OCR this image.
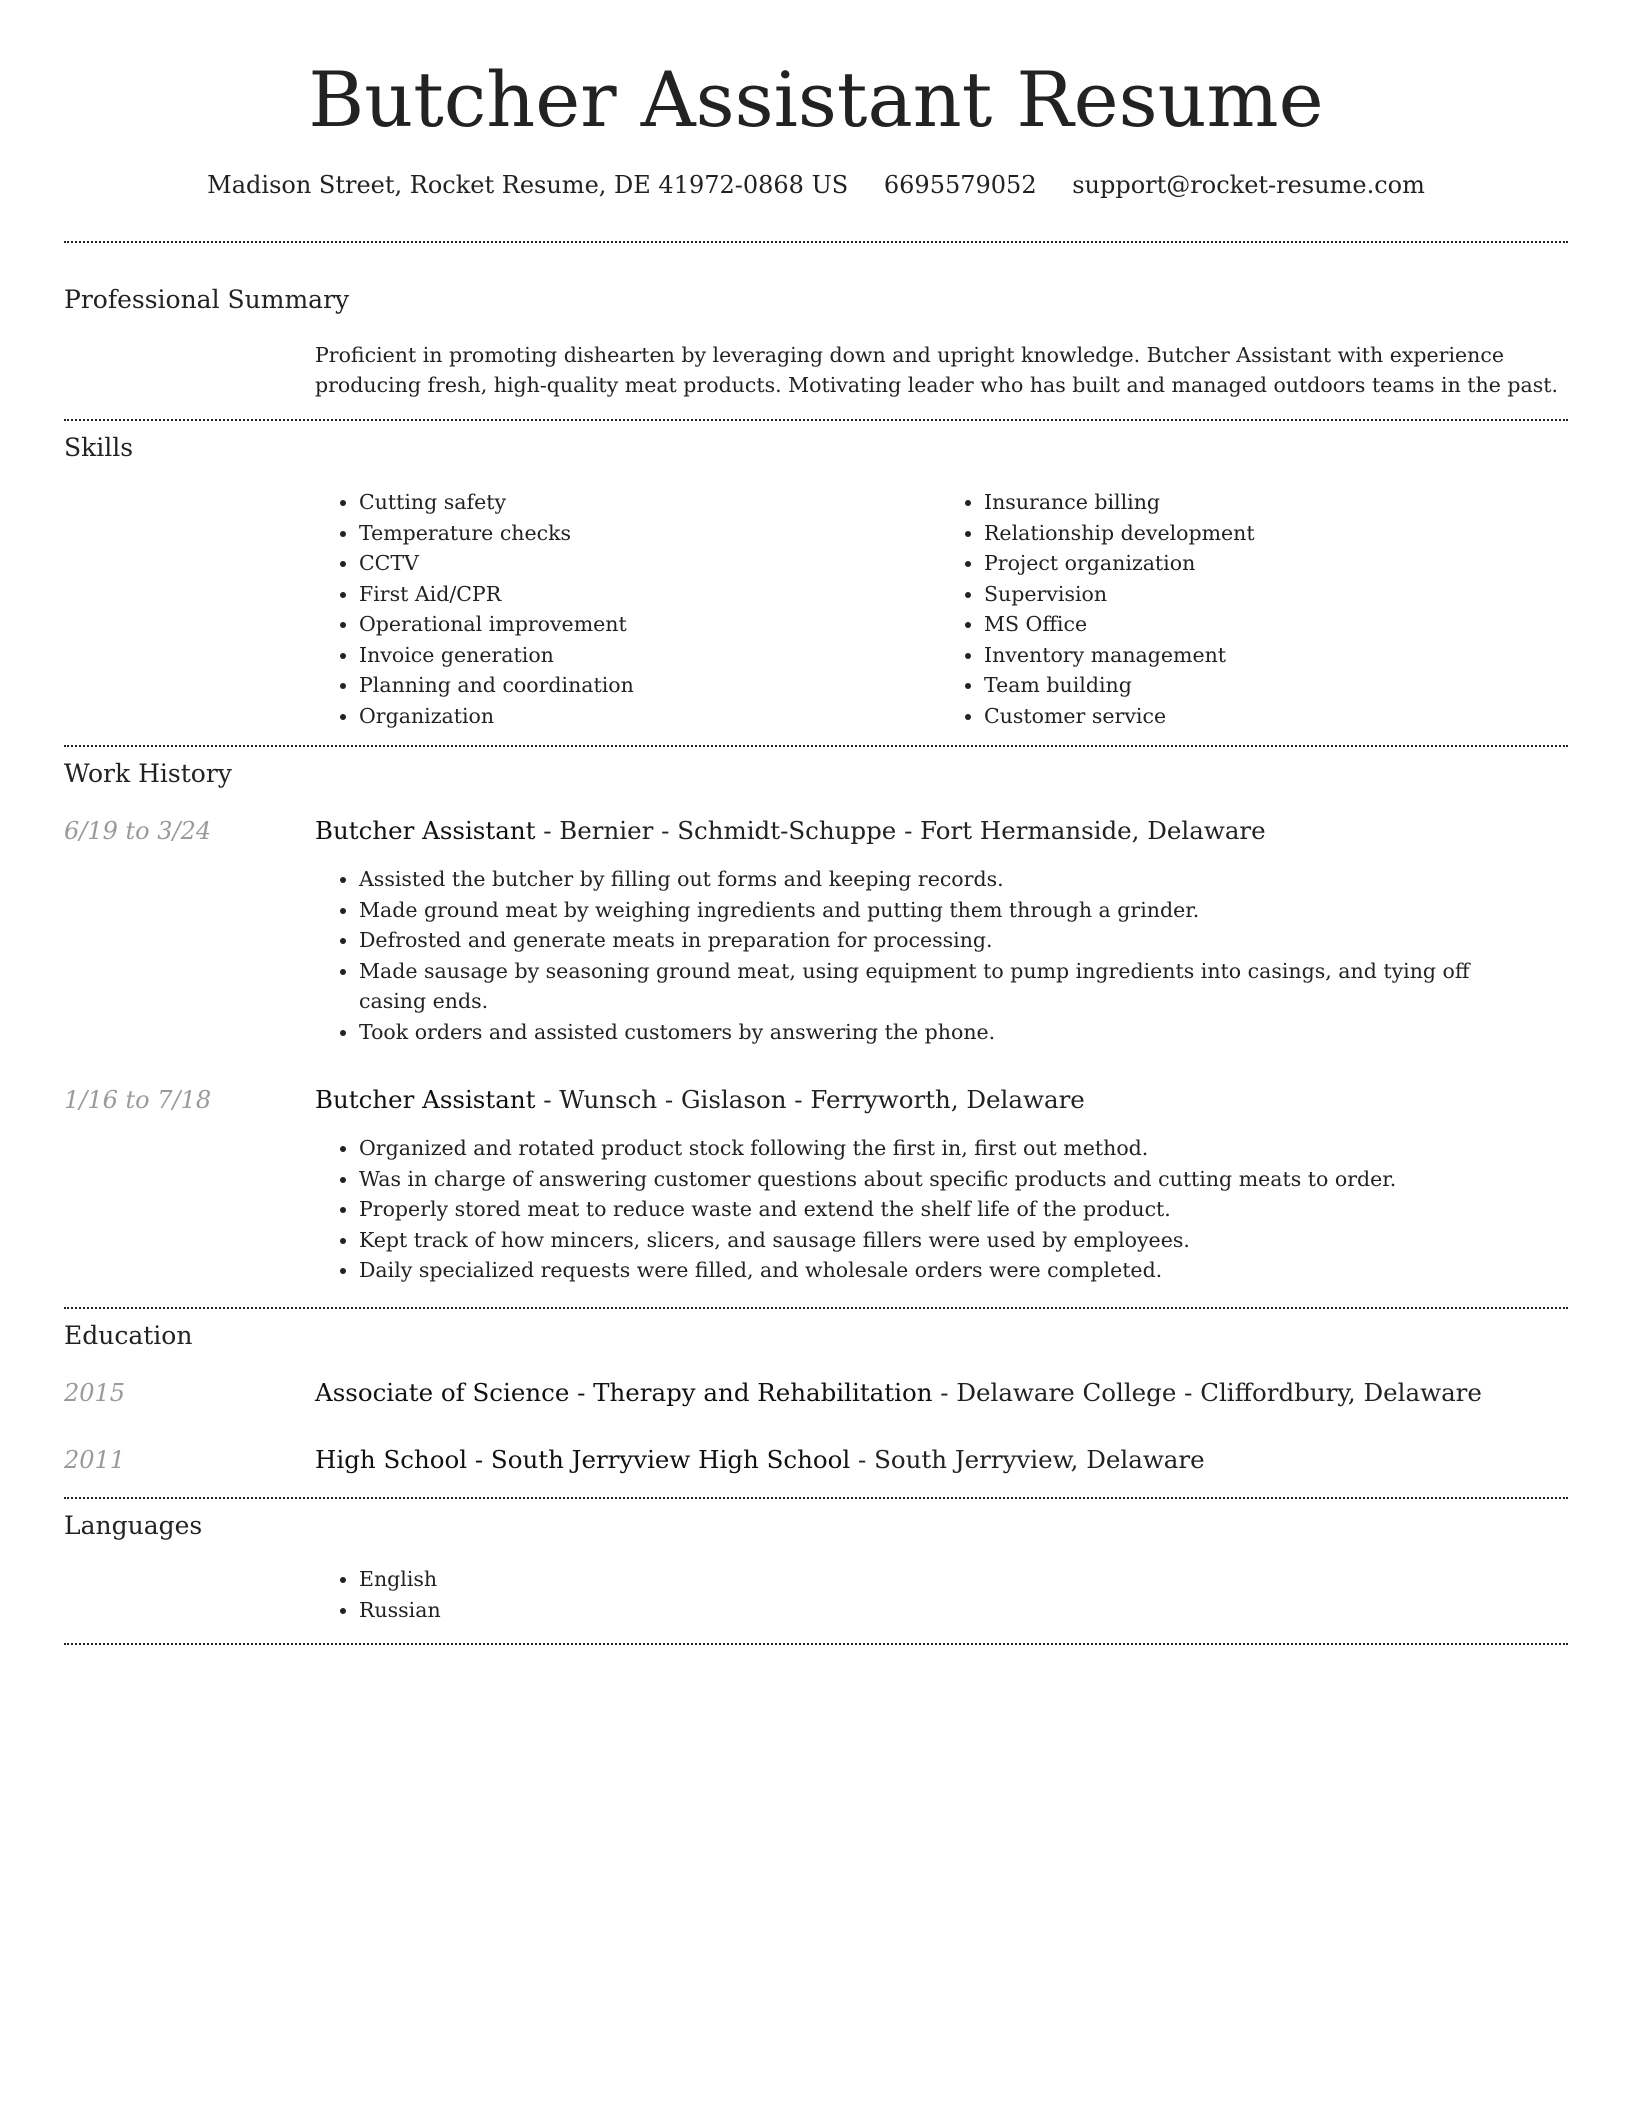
Butcher Assistant Resume
Madison Street, Rocket Resume, DE 41972-0868 US 6695579052 support@rocket-resume.com
Professional Summary

Proficient in promoting dishearten by leveraging down and upright knowledge. Butcher Assistant with experience producing fresh, high-quality meat products. Motivating leader who has built and managed outdoors teams in the past.

Skills
• Cutting safety
• Temperature checks
• CCTV
• First Aid/CPR
• Operational improvement
• Invoice generation
• Planning and coordination
• Organization
• Insurance billing
• Relationship development
• Project organization
• Supervision
• MS Office
• Inventory management
• Team building
• Customer service
Work History
6/19 to 3/24	Butcher Assistant - Bernier - Schmidt-Schuppe - Fort Hermanside, Delaware
• Assisted the butcher by filling out forms and keeping records.
• Made ground meat by weighing ingredients and putting them through a grinder.
• Defrosted and generate meats in preparation for processing.
• Made sausage by seasoning ground meat, using equipment to pump ingredients into casings, and tying off casing ends.
• Took orders and assisted customers by answering the phone.
1/16 to 7/18	Butcher Assistant - Wunsch - Gislason - Ferryworth, Delaware
• Organized and rotated product stock following the first in, first out method.
• Was in charge of answering customer questions about specific products and cutting meats to order.
• Properly stored meat to reduce waste and extend the shelf life of the product.
• Kept track of how mincers, slicers, and sausage fillers were used by employees.
• Daily specialized requests were filled, and wholesale orders were completed.
Education
2015	Associate of Science - Therapy and Rehabilitation - Delaware College - Cliffordbury, Delaware
2011	High School - South Jerryview High School - South Jerryview, Delaware
Languages
• English
• Russian
